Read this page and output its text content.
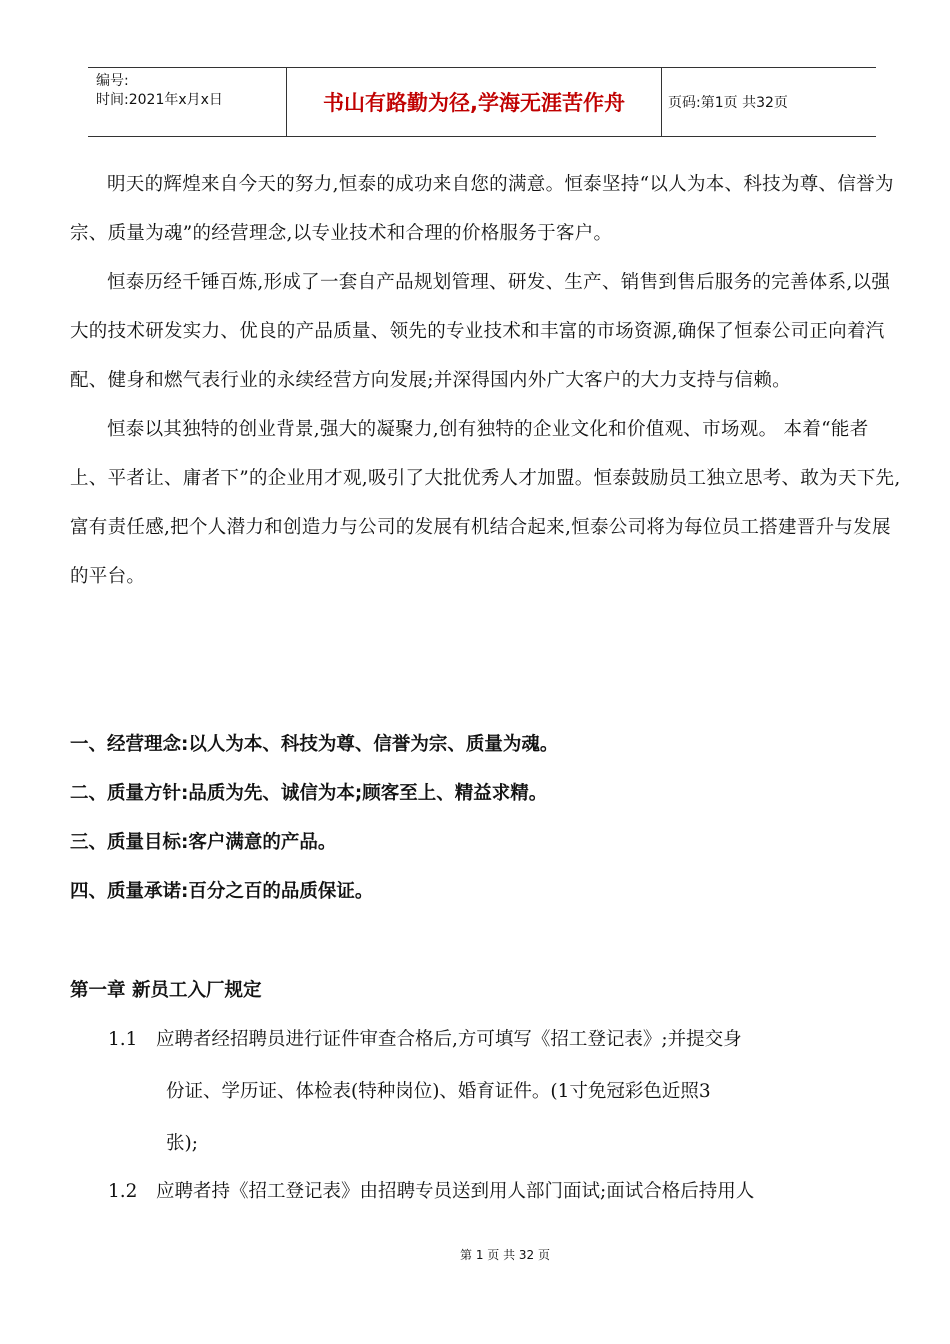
编号:
时间:2021年x月x日	书山有路勤为径,学海无涯苦作舟	页码:第1页 共32页

明天的辉煌来自今天的努力,恒泰的成功来自您的满意。恒泰坚持“以人为本、科技为尊、信誉为宗、质量为魂”的经营理念,以专业技术和合理的价格服务于客户。

恒泰历经千锤百炼,形成了一套自产品规划管理、研发、生产、销售到售后服务的完善体系,以强大的技术研发实力、优良的产品质量、领先的专业技术和丰富的市场资源,确保了恒泰公司正向着汽配、健身和燃气表行业的永续经营方向发展;并深得国内外广大客户的大力支持与信赖。

恒泰以其独特的创业背景,强大的凝聚力,创有独特的企业文化和价值观、市场观。 本着“能者上、平者让、庸者下”的企业用才观,吸引了大批优秀人才加盟。恒泰鼓励员工独立思考、敢为天下先,富有责任感,把个人潜力和创造力与公司的发展有机结合起来,恒泰公司将为每位员工搭建晋升与发展的平台。

一、经营理念:以人为本、科技为尊、信誉为宗、质量为魂。
二、质量方针:品质为先、诚信为本;顾客至上、精益求精。
三、质量目标:客户满意的产品。
四、质量承诺:百分之百的品质保证。
第一章 新员工入厂规定
1.1 应聘者经招聘员进行证件审查合格后,方可填写《招工登记表》;并提交身
份证、学历证、体检表(特种岗位)、婚育证件。(1寸免冠彩色近照3
张);
1.2 应聘者持《招工登记表》由招聘专员送到用人部门面试;面试合格后持用人
第 1 页 共 32 页
